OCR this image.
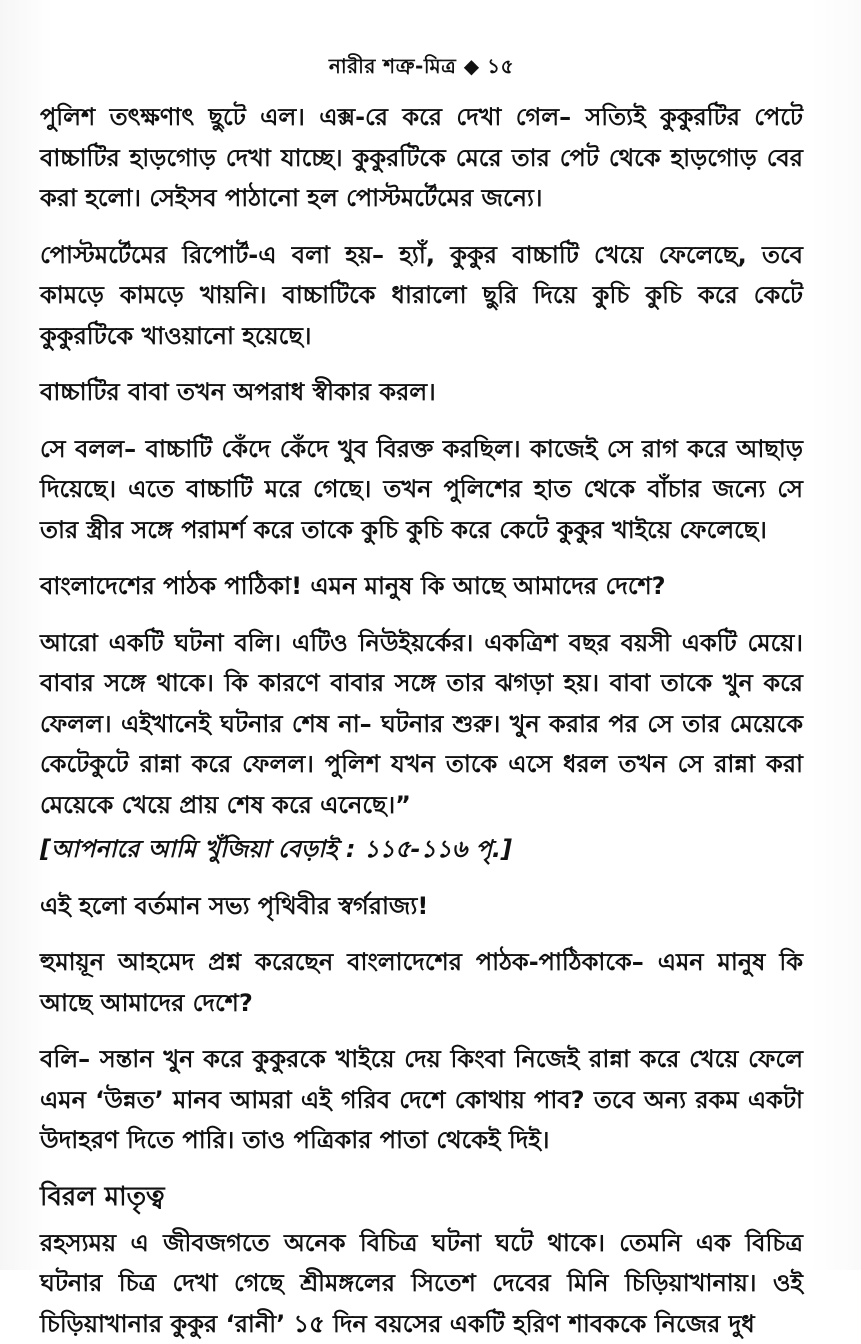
নারীর শত্রু-মিত্র ◆ ১৫

পুলিশ তৎক্ষণাৎ ছুটে এল। এক্স-রে করে দেখা গেল– সত্যিই কুকুরটির পেটে বাচ্চাটির হাড়গোড় দেখা যাচ্ছে। কুকুরটিকে মেরে তার পেট থেকে হাড়গোড় বের করা হলো। সেইসব পাঠানো হল পোস্টমর্টেমের জন্যে।

পোস্টমর্টেমের রিপোর্ট-এ বলা হয়– হ্যাঁ, কুকুর বাচ্চাটি খেয়ে ফেলেছে, তবে কামড়ে কামড়ে খায়নি। বাচ্চাটিকে ধারালো ছুরি দিয়ে কুচি কুচি করে কেটে কুকুরটিকে খাওয়ানো হয়েছে।

বাচ্চাটির বাবা তখন অপরাধ স্বীকার করল।

সে বলল– বাচ্চাটি কেঁদে কেঁদে খুব বিরক্ত করছিল। কাজেই সে রাগ করে আছাড় দিয়েছে। এতে বাচ্চাটি মরে গেছে। তখন পুলিশের হাত থেকে বাঁচার জন্যে সে তার স্ত্রীর সঙ্গে পরামর্শ করে তাকে কুচি কুচি করে কেটে কুকুর খাইয়ে ফেলেছে।

বাংলাদেশের পাঠক পাঠিকা! এমন মানুষ কি আছে আমাদের দেশে?

আরো একটি ঘটনা বলি। এটিও নিউইয়র্কের। একত্রিশ বছর বয়সী একটি মেয়ে। বাবার সঙ্গে থাকে। কি কারণে বাবার সঙ্গে তার ঝগড়া হয়। বাবা তাকে খুন করে ফেলল। এইখানেই ঘটনার শেষ না– ঘটনার শুরু। খুন করার পর সে তার মেয়েকে কেটেকুটে রান্না করে ফেলল। পুলিশ যখন তাকে এসে ধরল তখন সে রান্না করা মেয়েকে খেয়ে প্রায় শেষ করে এনেছে।”

[আপনারে আমি খুঁজিয়া বেড়াই : ১১৫-১১৬ পৃ.]

এই হলো বর্তমান সভ্য পৃথিবীর স্বর্গরাজ্য!

হুমায়ূন আহমেদ প্রশ্ন করেছেন বাংলাদেশের পাঠক-পাঠিকাকে– এমন মানুষ কি আছে আমাদের দেশে?

বলি– সন্তান খুন করে কুকুরকে খাইয়ে দেয় কিংবা নিজেই রান্না করে খেয়ে ফেলে এমন ‘উন্নত’ মানব আমরা এই গরিব দেশে কোথায় পাব? তবে অন্য রকম একটা উদাহরণ দিতে পারি। তাও পত্রিকার পাতা থেকেই দিই।

বিরল মাতৃত্ব

রহস্যময় এ জীবজগতে অনেক বিচিত্র ঘটনা ঘটে থাকে। তেমনি এক বিচিত্র ঘটনার চিত্র দেখা গেছে শ্রীমঙ্গলের সিতেশ দেবের মিনি চিড়িয়াখানায়। ওই চিড়িয়াখানার কুকুর ‘রানী’ ১৫ দিন বয়সের একটি হরিণ শাবককে নিজের দুধ
